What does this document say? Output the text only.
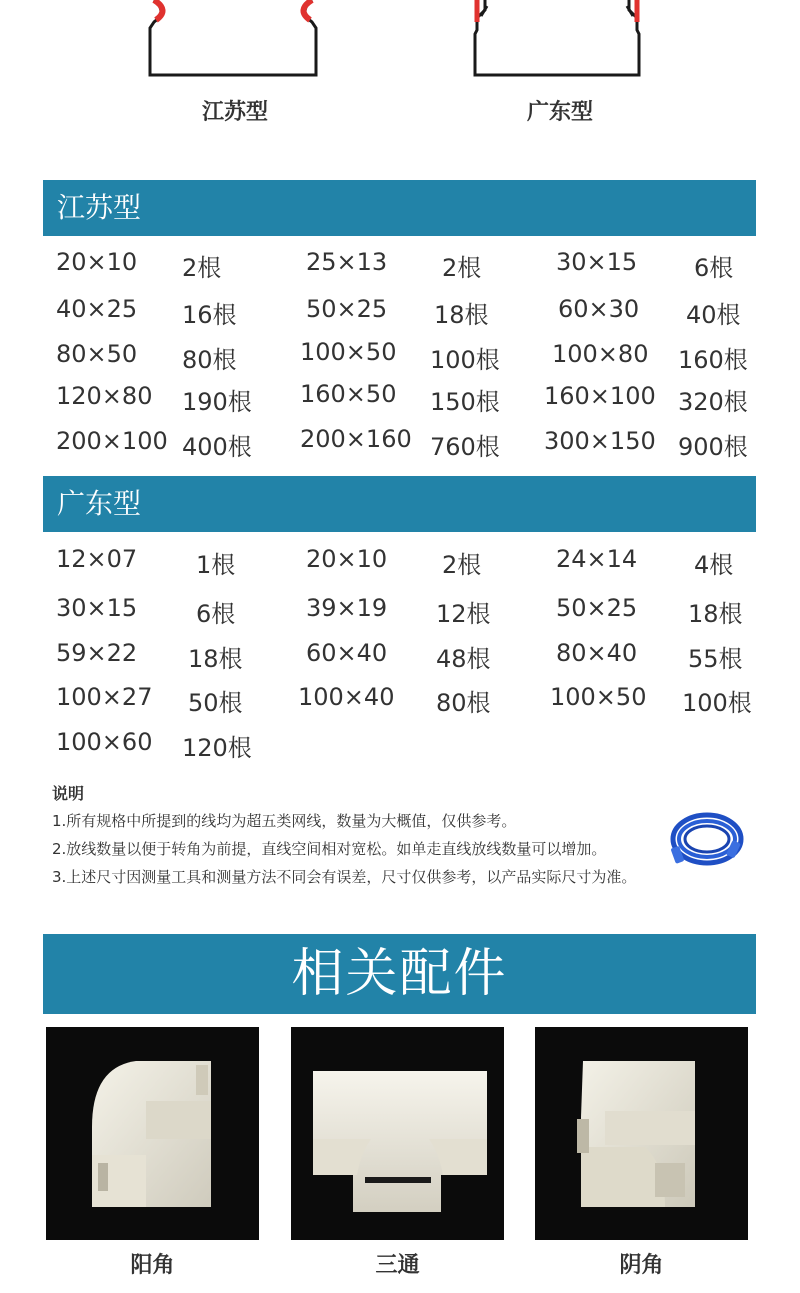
江苏型	广东型
江苏型
20×10 2根	25×13 2根	30×15 6根
40×25 16根	50×25 18根	60×30 40根
80×50 80根	100×50 100根 100×80 160根
120×80 190根 160×50 150根 160×100 320根
200×100 400根 200×160 760根 300×150 900根
广东型
12×07 1根	20×10 2根	24×14 4根
30×15 6根	39×19 12根	50×25 18根
59×22 18根	60×40 48根	80×40 55根
100×27 50根 100×40 80根 100×50 100根
100×60 120根
说明
1.所有规格中所提到的线均为超五类网线，数量为大概值，仅供参考。
2.放线数量以便于转角为前提，直线空间相对宽松。如单走直线放线数量可以增加。
3.上述尺寸因测量工具和测量方法不同会有误差，尺寸仅供参考，以产品实际尺寸为准。
相关配件
阳角	三通	阴角
